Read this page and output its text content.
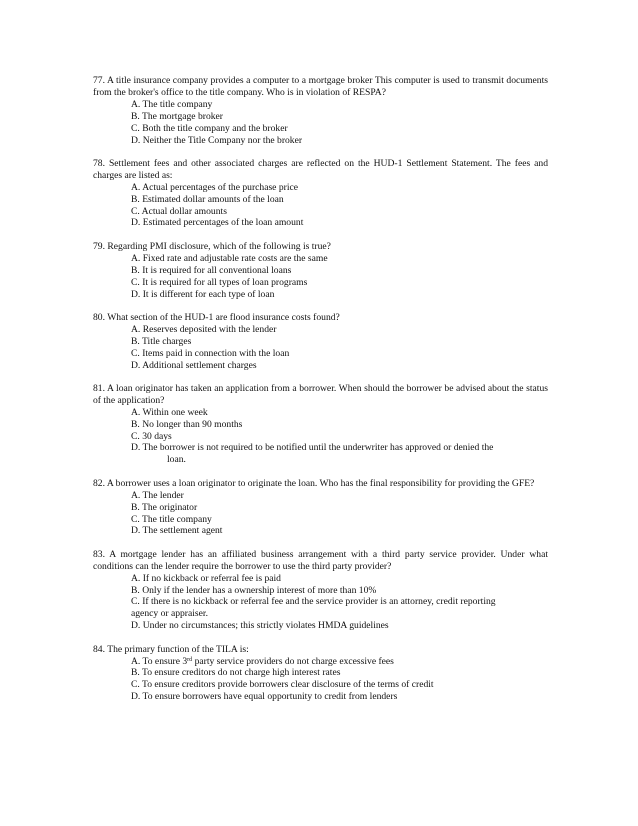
77. A title insurance company provides a computer to a mortgage broker This computer is used to transmit documents from the broker's office to the title company. Who is in violation of RESPA?
A. The title company
B. The mortgage broker
C. Both the title company and the broker
D. Neither the Title Company nor the broker
78. Settlement fees and other associated charges are reflected on the HUD-1 Settlement Statement. The fees and charges are listed as:
A. Actual percentages of the purchase price
B. Estimated dollar amounts of the loan
C. Actual dollar amounts
D. Estimated percentages of the loan amount
79. Regarding PMI disclosure, which of the following is true?
A. Fixed rate and adjustable rate costs are the same
B. It is required for all conventional loans
C. It is required for all types of loan programs
D. It is different for each type of loan
80. What section of the HUD-1 are flood insurance costs found?
A. Reserves deposited with the lender
B. Title charges
C. Items paid in connection with the loan
D. Additional settlement charges
81. A loan originator has taken an application from a borrower. When should the borrower be advised about the status of the application?
A. Within one week
B. No longer than 90 months
C. 30 days
D. The borrower is not required to be notified until the underwriter has approved or denied the
loan.
82. A borrower uses a loan originator to originate the loan. Who has the final responsibility for providing the GFE?
A. The lender
B. The originator
C. The title company
D. The settlement agent
83. A mortgage lender has an affiliated business arrangement with a third party service provider. Under what conditions can the lender require the borrower to use the third party provider?
A. If no kickback or referral fee is paid
B. Only if the lender has a ownership interest of more than 10%
C. If there is no kickback or referral fee and the service provider is an attorney, credit reporting
agency or appraiser.
D. Under no circumstances; this strictly violates HMDA guidelines
84. The primary function of the TILA is:
A. To ensure 3rd party service providers do not charge excessive fees
B. To ensure creditors do not charge high interest rates
C. To ensure creditors provide borrowers clear disclosure of the terms of credit
D. To ensure borrowers have equal opportunity to credit from lenders
